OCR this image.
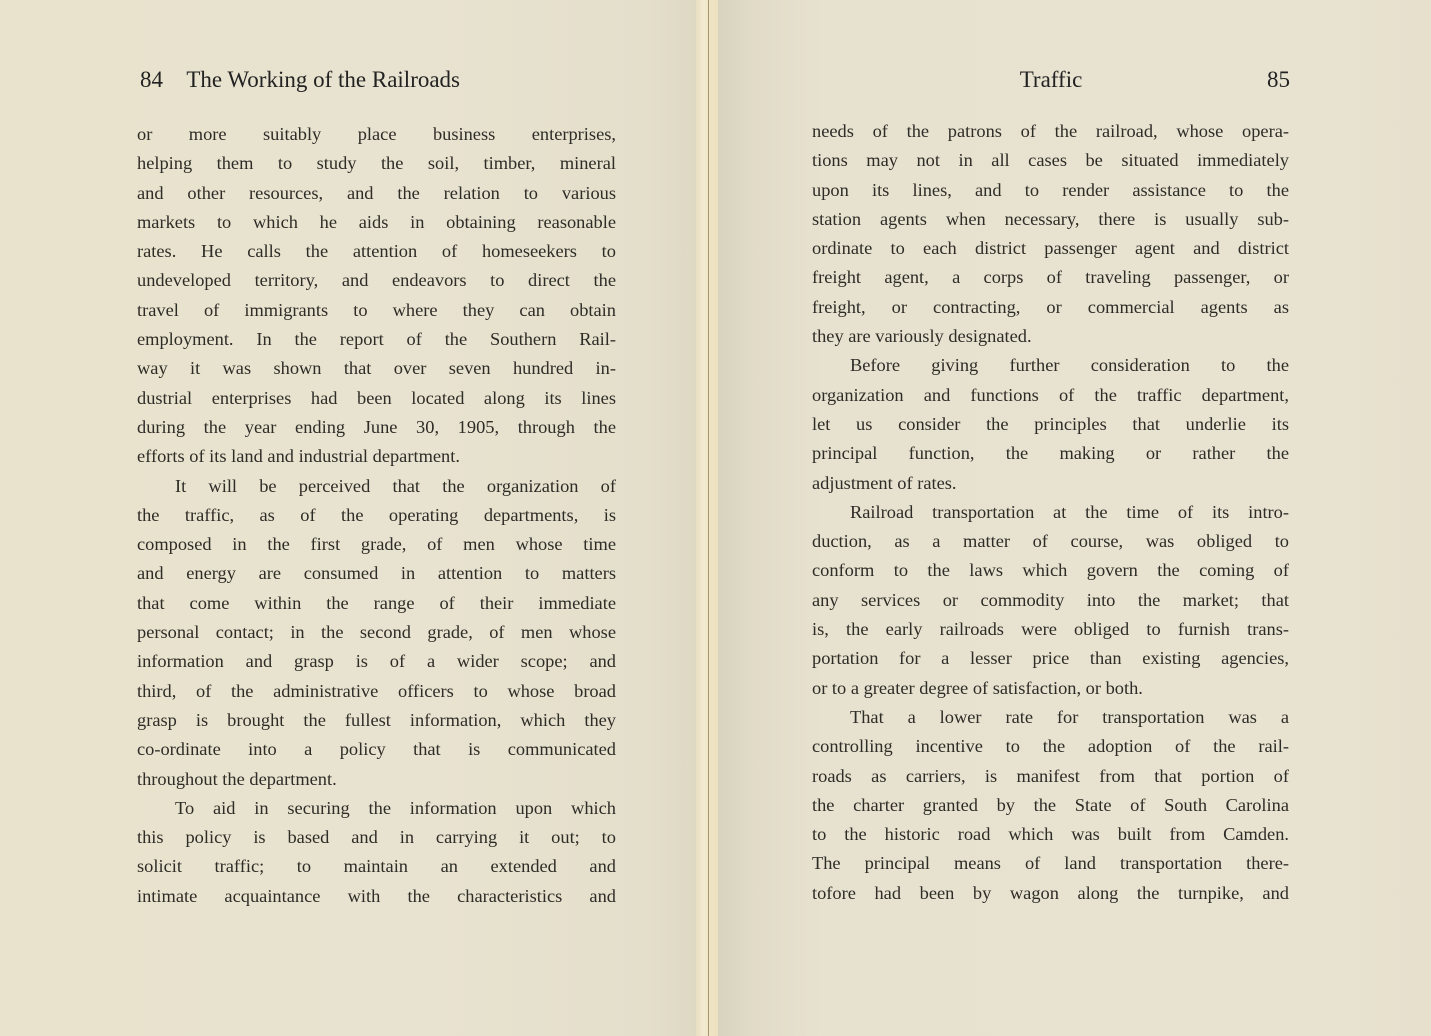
84 The Working of the Railroads
or more suitably place business enterprises,
helping them to study the soil, timber, mineral
and other resources, and the relation to various
markets to which he aids in obtaining reasonable
rates. He calls the attention of homeseekers to
undeveloped territory, and endeavors to direct the
travel of immigrants to where they can obtain
employment. In the report of the Southern Rail-
way it was shown that over seven hundred in-
dustrial enterprises had been located along its lines
during the year ending June 30, 1905, through the
efforts of its land and industrial department.
It will be perceived that the organization of
the traffic, as of the operating departments, is
composed in the first grade, of men whose time
and energy are consumed in attention to matters
that come within the range of their immediate
personal contact; in the second grade, of men whose
information and grasp is of a wider scope; and
third, of the administrative officers to whose broad
grasp is brought the fullest information, which they
co-ordinate into a policy that is communicated
throughout the department.
To aid in securing the information upon which
this policy is based and in carrying it out; to
solicit traffic; to maintain an extended and
intimate acquaintance with the characteristics and
Traffic	85
needs of the patrons of the railroad, whose opera-
tions may not in all cases be situated immediately
upon its lines, and to render assistance to the
station agents when necessary, there is usually sub-
ordinate to each district passenger agent and district
freight agent, a corps of traveling passenger, or
freight, or contracting, or commercial agents as
they are variously designated.
Before giving further consideration to the
organization and functions of the traffic department,
let us consider the principles that underlie its
principal function, the making or rather the
adjustment of rates.
Railroad transportation at the time of its intro-
duction, as a matter of course, was obliged to
conform to the laws which govern the coming of
any services or commodity into the market; that
is, the early railroads were obliged to furnish trans-
portation for a lesser price than existing agencies,
or to a greater degree of satisfaction, or both.
That a lower rate for transportation was a
controlling incentive to the adoption of the rail-
roads as carriers, is manifest from that portion of
the charter granted by the State of South Carolina
to the historic road which was built from Camden.
The principal means of land transportation there-
tofore had been by wagon along the turnpike, and
